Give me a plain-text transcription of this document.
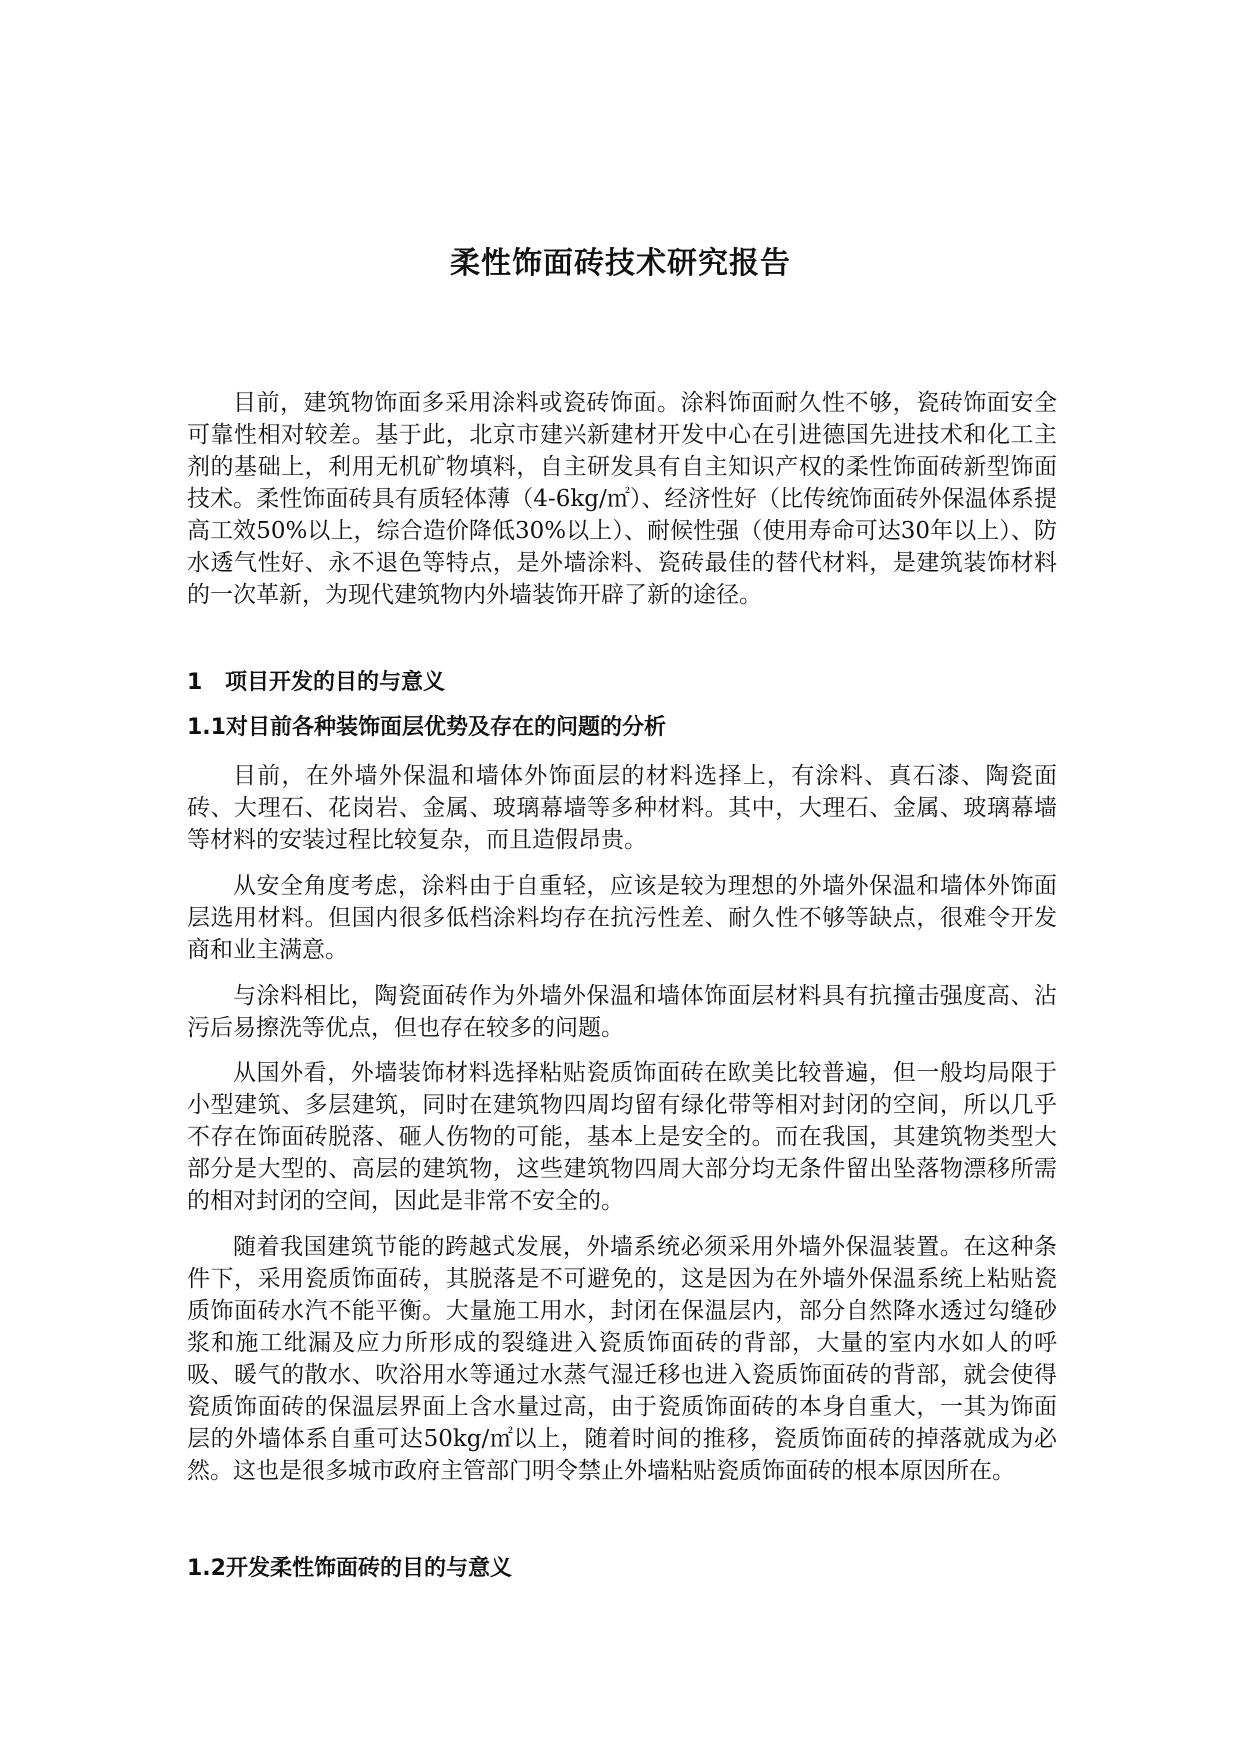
柔性饰面砖技术研究报告

目前，建筑物饰面多采用涂料或瓷砖饰面。涂料饰面耐久性不够，瓷砖饰面安全可靠性相对较差。基于此，北京市建兴新建材开发中心在引进德国先进技术和化工主剂的基础上，利用无机矿物填料，自主研发具有自主知识产权的柔性饰面砖新型饰面技术。柔性饰面砖具有质轻体薄（4-6kg/㎡）、经济性好（比传统饰面砖外保温体系提高工效50%以上，综合造价降低30%以上）、耐候性强（使用寿命可达30年以上）、防水透气性好、永不退色等特点，是外墙涂料、瓷砖最佳的替代材料，是建筑装饰材料的一次革新，为现代建筑物内外墙装饰开辟了新的途径。

1 项目开发的目的与意义
1.1对目前各种装饰面层优势及存在的问题的分析

目前，在外墙外保温和墙体外饰面层的材料选择上，有涂料、真石漆、陶瓷面砖、大理石、花岗岩、金属、玻璃幕墙等多种材料。其中，大理石、金属、玻璃幕墙等材料的安装过程比较复杂，而且造假昂贵。

从安全角度考虑，涂料由于自重轻，应该是较为理想的外墙外保温和墙体外饰面层选用材料。但国内很多低档涂料均存在抗污性差、耐久性不够等缺点，很难令开发商和业主满意。

与涂料相比，陶瓷面砖作为外墙外保温和墙体饰面层材料具有抗撞击强度高、沾污后易擦洗等优点，但也存在较多的问题。

从国外看，外墙装饰材料选择粘贴瓷质饰面砖在欧美比较普遍，但一般均局限于小型建筑、多层建筑，同时在建筑物四周均留有绿化带等相对封闭的空间，所以几乎不存在饰面砖脱落、砸人伤物的可能，基本上是安全的。而在我国，其建筑物类型大部分是大型的、高层的建筑物，这些建筑物四周大部分均无条件留出坠落物漂移所需的相对封闭的空间，因此是非常不安全的。

随着我国建筑节能的跨越式发展，外墙系统必须采用外墙外保温装置。在这种条件下，采用瓷质饰面砖，其脱落是不可避免的，这是因为在外墙外保温系统上粘贴瓷质饰面砖水汽不能平衡。大量施工用水，封闭在保温层内，部分自然降水透过勾缝砂浆和施工纰漏及应力所形成的裂缝进入瓷质饰面砖的背部，大量的室内水如人的呼吸、暖气的散水、吹浴用水等通过水蒸气湿迁移也进入瓷质饰面砖的背部，就会使得瓷质饰面砖的保温层界面上含水量过高，由于瓷质饰面砖的本身自重大，一其为饰面层的外墙体系自重可达50kg/㎡以上，随着时间的推移，瓷质饰面砖的掉落就成为必然。这也是很多城市政府主管部门明令禁止外墙粘贴瓷质饰面砖的根本原因所在。

1.2开发柔性饰面砖的目的与意义
